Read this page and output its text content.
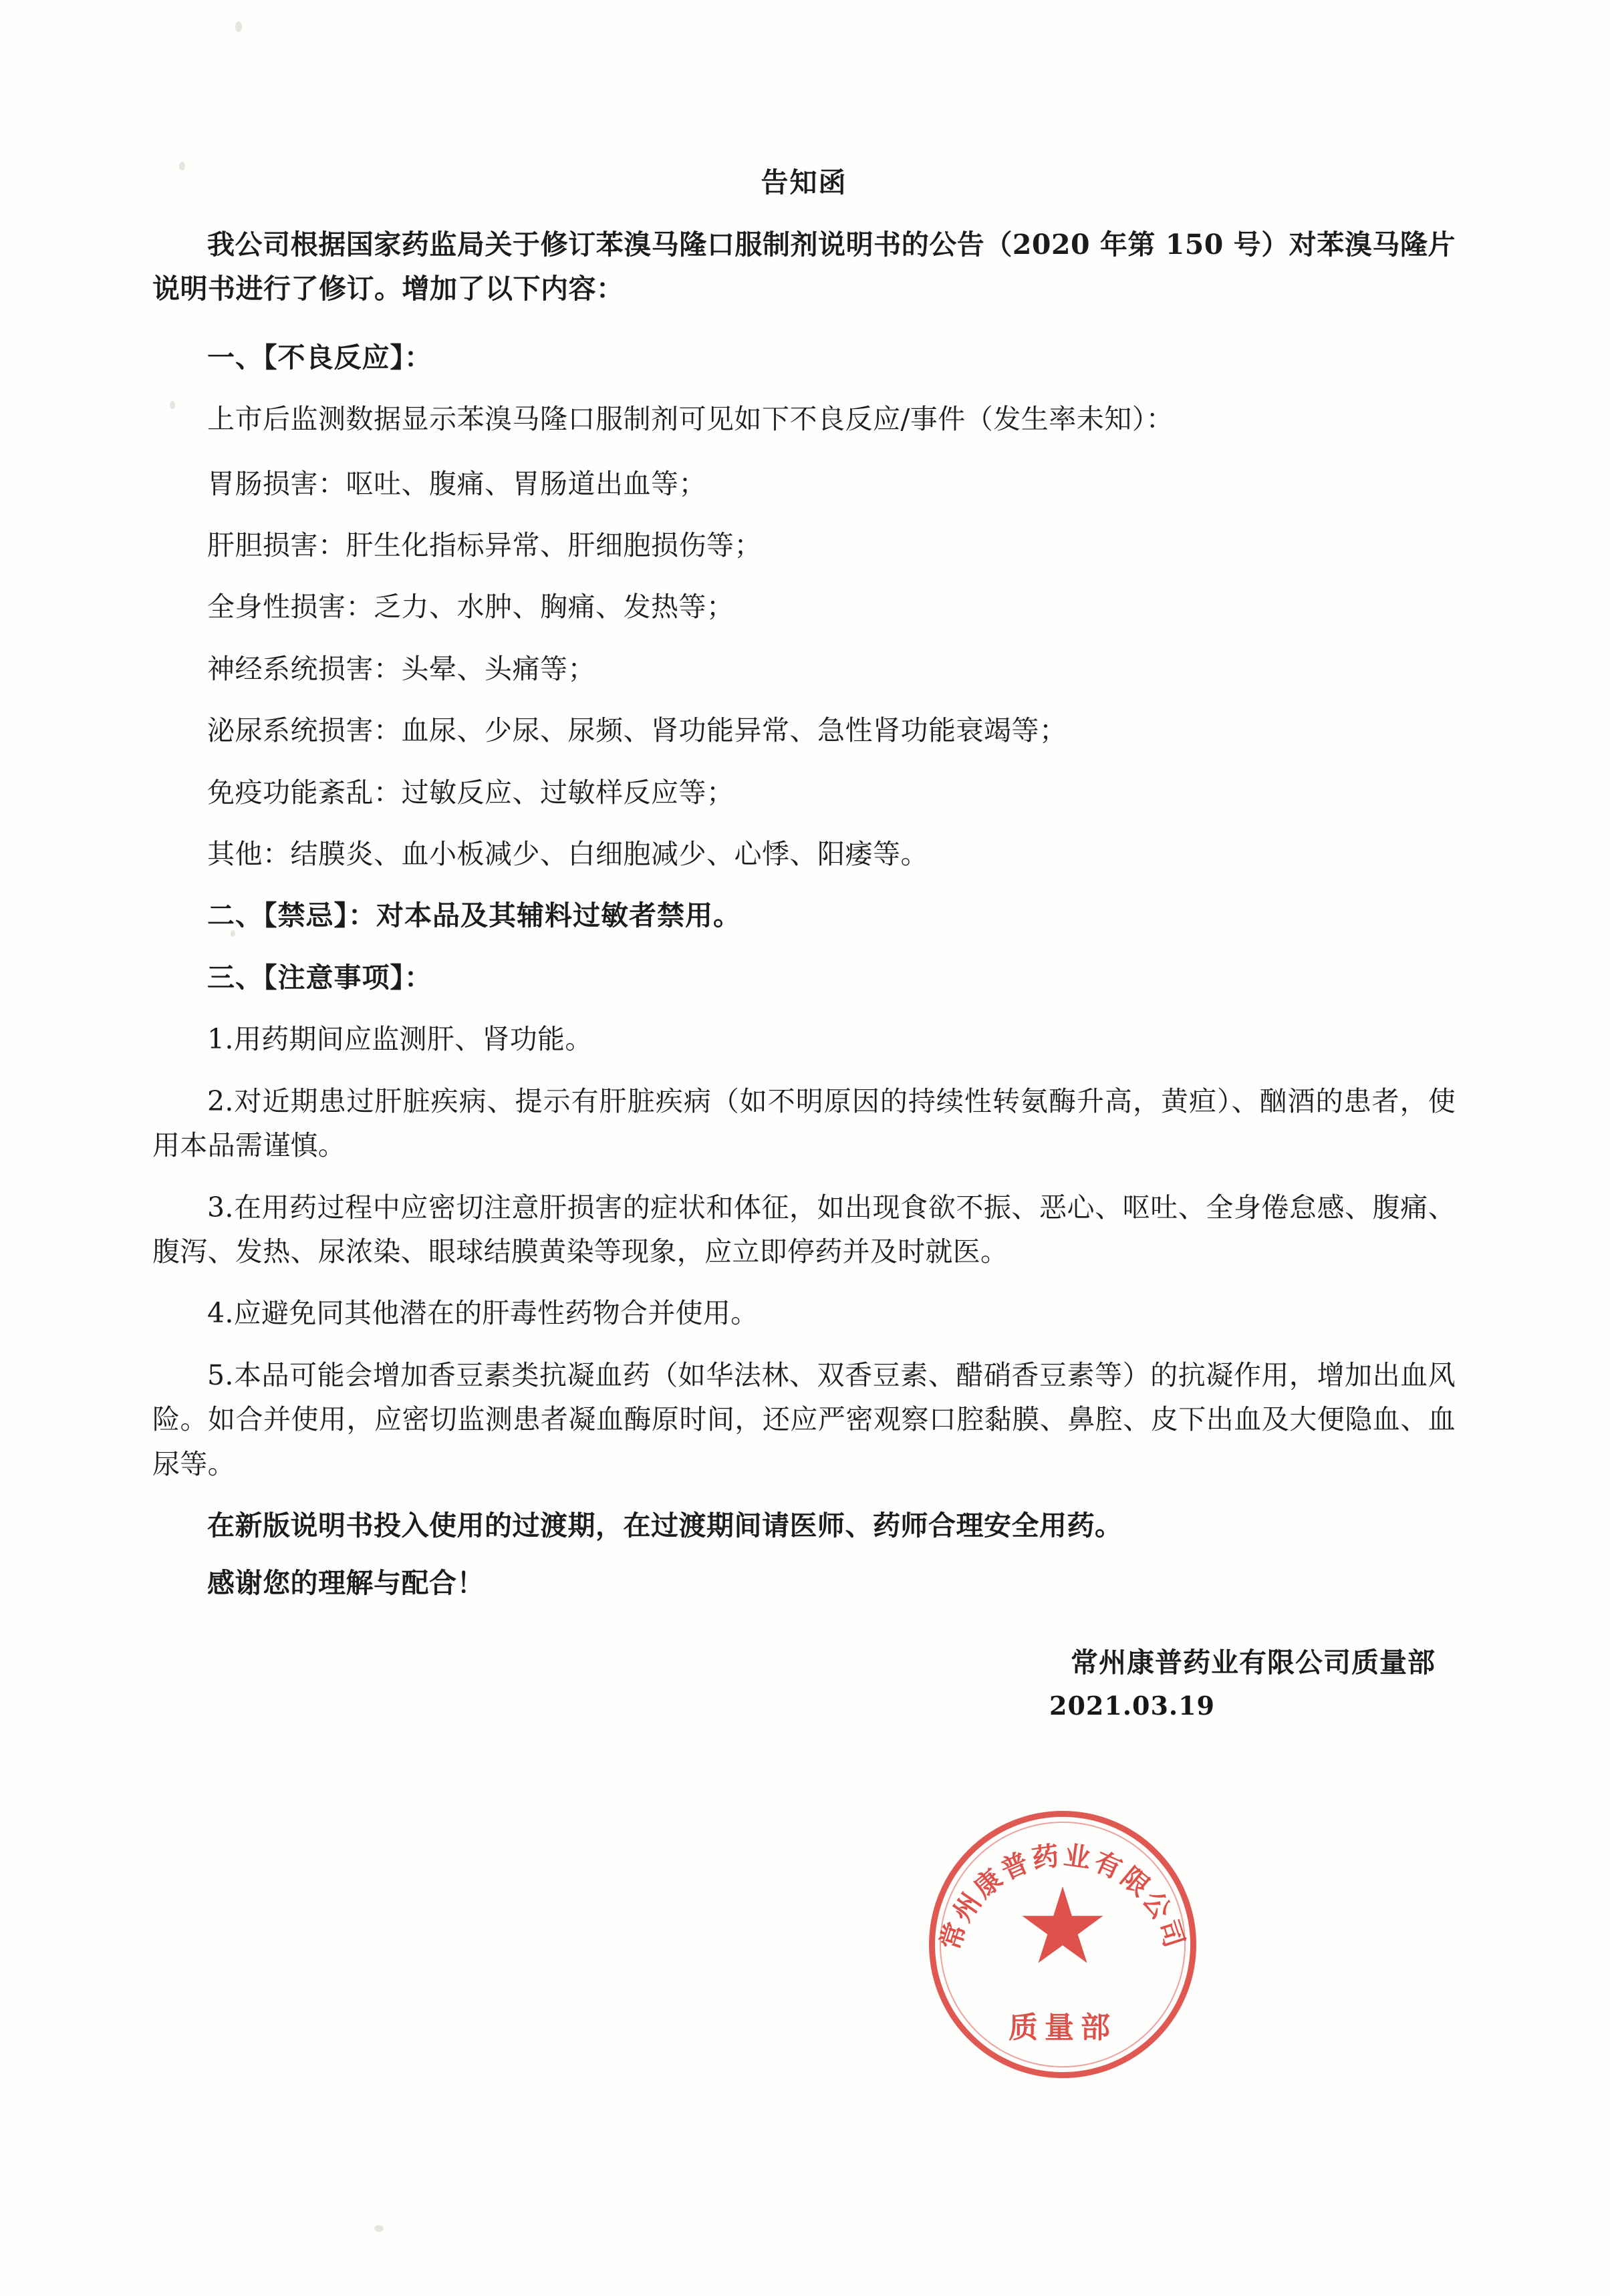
告知函

我公司根据国家药监局关于修订苯溴马隆口服制剂说明书的公告（2020 年第 150 号）对苯溴马隆片说明书进行了修订。增加了以下内容：

一、【不良反应】：

上市后监测数据显示苯溴马隆口服制剂可见如下不良反应/事件（发生率未知）：

胃肠损害：呕吐、腹痛、胃肠道出血等；
肝胆损害：肝生化指标异常、肝细胞损伤等；
全身性损害：乏力、水肿、胸痛、发热等；
神经系统损害：头晕、头痛等；
泌尿系统损害：血尿、少尿、尿频、肾功能异常、急性肾功能衰竭等；
免疫功能紊乱：过敏反应、过敏样反应等；
其他：结膜炎、血小板减少、白细胞减少、心悸、阳痿等。
二、【禁忌】：对本品及其辅料过敏者禁用。
三、【注意事项】：

1.用药期间应监测肝、肾功能。

2.对近期患过肝脏疾病、提示有肝脏疾病（如不明原因的持续性转氨酶升高，黄疸）、酗酒的患者，使用本品需谨慎。

3.在用药过程中应密切注意肝损害的症状和体征，如出现食欲不振、恶心、呕吐、全身倦怠感、腹痛、腹泻、发热、尿浓染、眼球结膜黄染等现象，应立即停药并及时就医。

4.应避免同其他潜在的肝毒性药物合并使用。

5.本品可能会增加香豆素类抗凝血药（如华法林、双香豆素、醋硝香豆素等）的抗凝作用，增加出血风险。如合并使用，应密切监测患者凝血酶原时间，还应严密观察口腔黏膜、鼻腔、皮下出血及大便隐血、血尿等。

在新版说明书投入使用的过渡期，在过渡期间请医师、药师合理安全用药。
感谢您的理解与配合！
常州康普药业有限公司质量部
2021.03.19
常州康普药业有限公司
质量部
